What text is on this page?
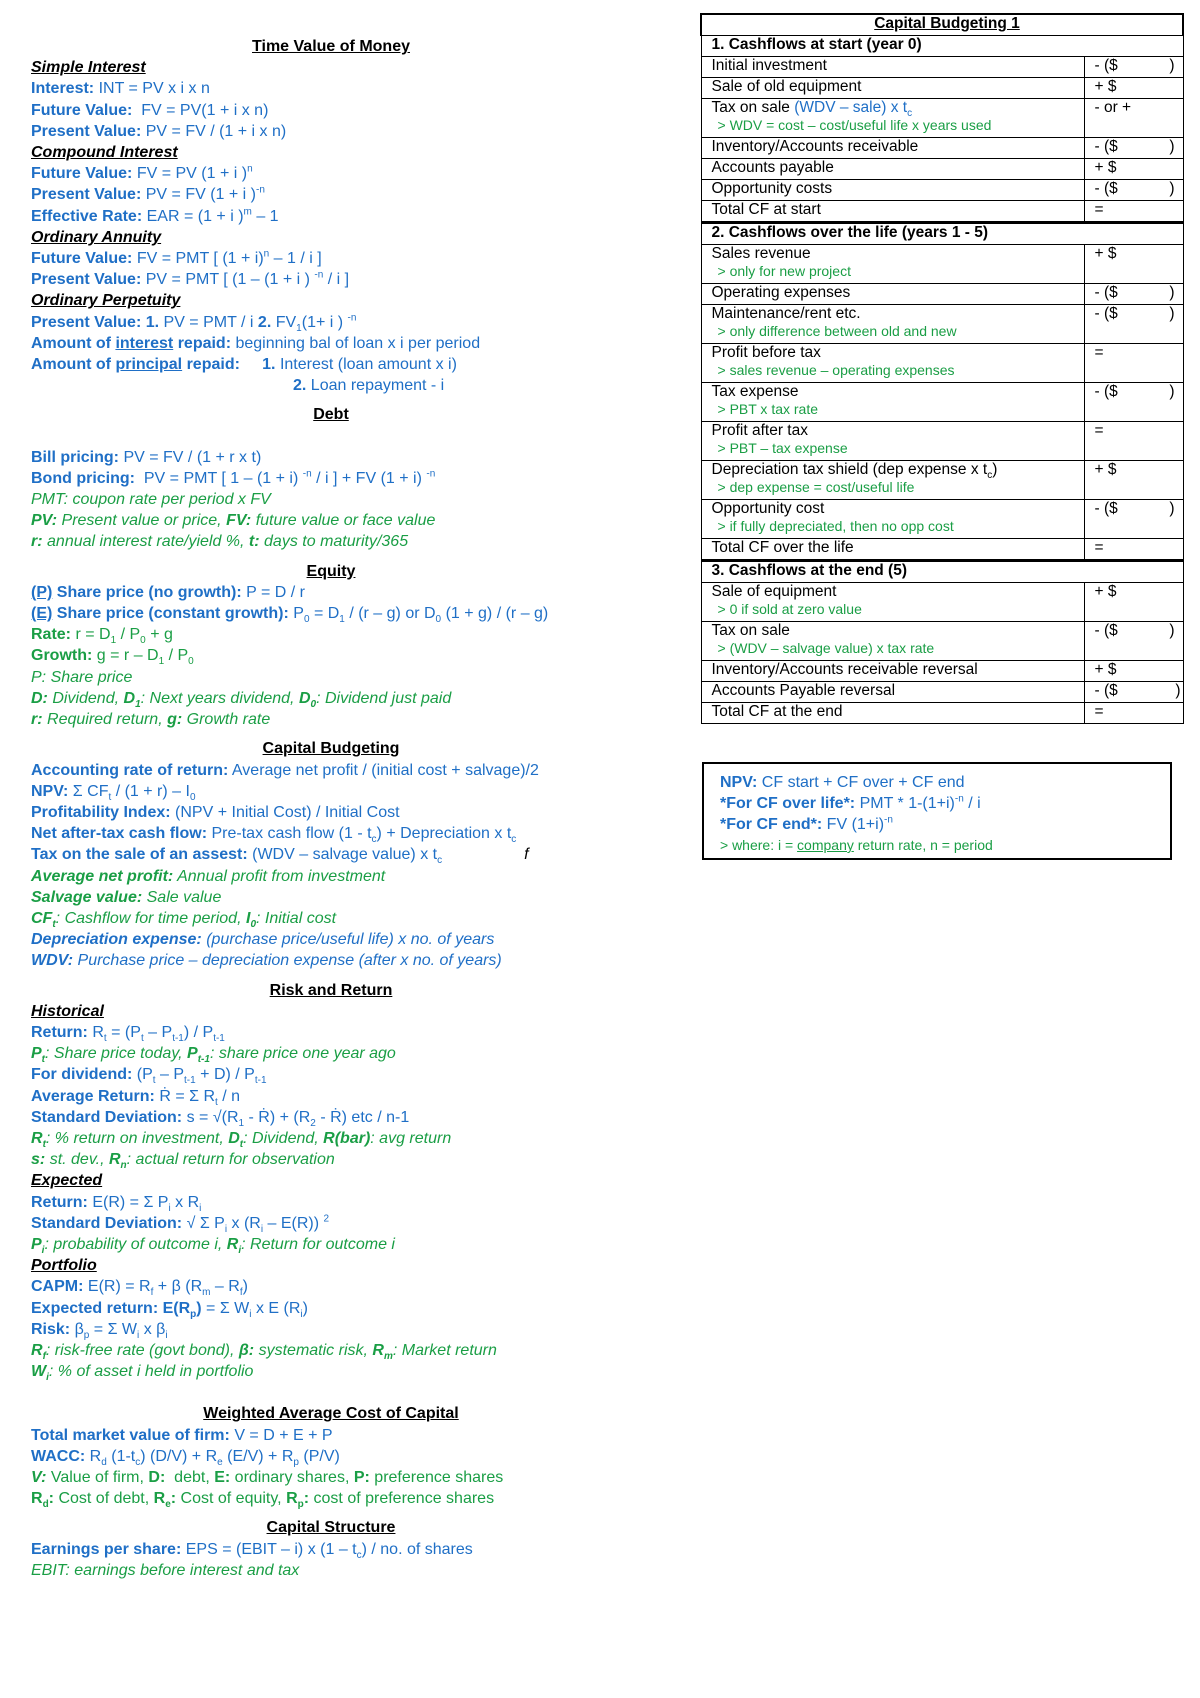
Time Value of Money
Simple Interest
Interest: INT = PV x i x n
Future Value: FV = PV(1 + i x n)
Present Value: PV = FV / (1 + i x n)
Compound Interest
Future Value: FV = PV (1 + i )$^n$
Present Value: PV = FV (1 + i )$^{-n}$
Effective Rate: EAR = (1 + i )$^m$ – 1
Ordinary Annuity
Future Value: FV = PMT [ $(1 + i)^n - 1 / i$ ]
Present Value: PV = PMT [ (1 – (1 + i ) $^{-n}$ / i ]
Ordinary Perpetuity
Present Value: 1. PV = PMT / i 2. $FV_1(1+ i$ ) $^{-n}$
Amount of interest repaid: beginning bal of loan x i per period
Amount of principal repaid: 1. Interest (loan amount x i)
2. Loan repayment - i
Debt
Bill pricing: PV = FV / (1 + r x t)
Bond pricing: PV = PMT [ 1 – (1 + i) $^{-n}$ / i ] + FV (1 + i) $^{-n}$
PMT: coupon rate per period x FV
PV: Present value or price, FV: future value or face value
r: annual interest rate/yield %, t: days to maturity/365
Equity
(P) Share price (no growth): P = D / r
(E) Share price (constant growth): $P_0 = D_1 / (r - g)$ or $D_0$ (1 + g) / (r – g)
Rate: $r = D_1 / P_0 + g$
Growth: $g = r - D_1 / P_0$
P: Share price
D: Dividend, $D_1$: Next years dividend, $D_0$: Dividend just paid
r: Required return, g: Growth rate
Capital Budgeting
Accounting rate of return: Average net profit / (initial cost + salvage)/2
NPV: Σ $CF_t / (1 + r) - I_0$
Profitability Index: (NPV + Initial Cost) / Initial Cost
Net after-tax cash flow: Pre-tax cash flow $(1 - t_c)$ + Depreciation x $t_c$
Tax on the sale of an assest: (WDV – salvage value) x $t_c$	f
Average net profit: Annual profit from investment
Salvage value: Sale value
$CF_t$: Cashflow for time period, $I_0$: Initial cost
Depreciation expense: (purchase price/useful life) x no. of years
WDV: Purchase price – depreciation expense (after x no. of years)
Risk and Return
Historical
Return: $R_t = (P_t - P_{t-1}) / P_{t-1}$
$P_t$: Share price today, $P_{t-1}$: share price one year ago
For dividend: $(P_t - P_{t-1} + D) / P_{t-1}$
Average Return: Ṙ = Σ $R_t$ / n
Standard Deviation: $s = √(R_1$ - Ṙ) + ($R_2$ - Ṙ) etc / n-1
$R_t$: % return on investment, $D_t$: Dividend, R(bar): avg return
s: st. dev., $R_n$: actual return for observation
Expected
Return: E(R) = Σ $P_i$ x $R_i$
Standard Deviation: √ Σ $P_i$ x $(R_i - E(R))$ $^2$
$P_i$: probability of outcome i, $R_i$: Return for outcome i
Portfolio
CAPM: $E(R) = R_f + \beta$ $(R_m - R_f)$
Expected return: $E(R_p) = \Sigma$ $W_i$ x E $(R_i)$
Risk: $\beta_p = \Sigma$ $W_i$ x $\beta_i$
$R_f$: risk-free rate (govt bond), β: systematic risk, $R_m$: Market return
$W_i$: % of asset i held in portfolio
Weighted Average Cost of Capital
Total market value of firm: V = D + E + P
WACC: $R_d$ $(1-t_c) (D/V) + R_e$ $(E/V) + R_p$ (P/V)
V: Value of firm, D: debt, E: ordinary shares, P: preference shares
$R_d$: Cost of debt, $R_e$: Cost of equity, $R_p$: cost of preference shares
Capital Structure
Earnings per share: EPS = (EBIT – i) x $(1 - t_c)$ / no. of shares
EBIT: earnings before interest and tax
Capital Budgeting 1	
1. Cashflows at start (year 0)	
Initial investment	- ($ )

Sale of old equipment	+ $
Tax on sale (WDV – sale) x $t_c$
> WDV = cost – cost/useful life x years used	- or +
Inventory/Accounts receivable	- ($ )

Accounts payable	+ $
Opportunity costs	- ($ )

Total CF at start	=
2. Cashflows over the life (years 1 - 5)	
Sales revenue
> only for new project	+ $
Operating expenses	- ($ )

Maintenance/rent etc.
> only difference between old and new	- ($ )

Profit before tax
> sales revenue – operating expenses	=
Tax expense
> PBT x tax rate	- ($ )

Profit after tax
> PBT – tax expense	=
Depreciation tax shield (dep expense x $t_c$)
> dep expense = cost/useful life	+ $
Opportunity cost
> if fully depreciated, then no opp cost	- ($ )

Total CF over the life	=
3. Cashflows at the end (5)	
Sale of equipment
> 0 if sold at zero value	+ $
Tax on sale
> (WDV – salvage value) x tax rate	- ($ )

Inventory/Accounts receivable reversal	+ $
Accounts Payable reversal	- ($ )

Total CF at the end	=
NPV: CF start + CF over + CF end
*For CF over life*: PMT * $1-(1+i)^{-n} / i$
*For CF end*: FV $(1+i)^{-n}$
> where: i = company return rate, n = period
